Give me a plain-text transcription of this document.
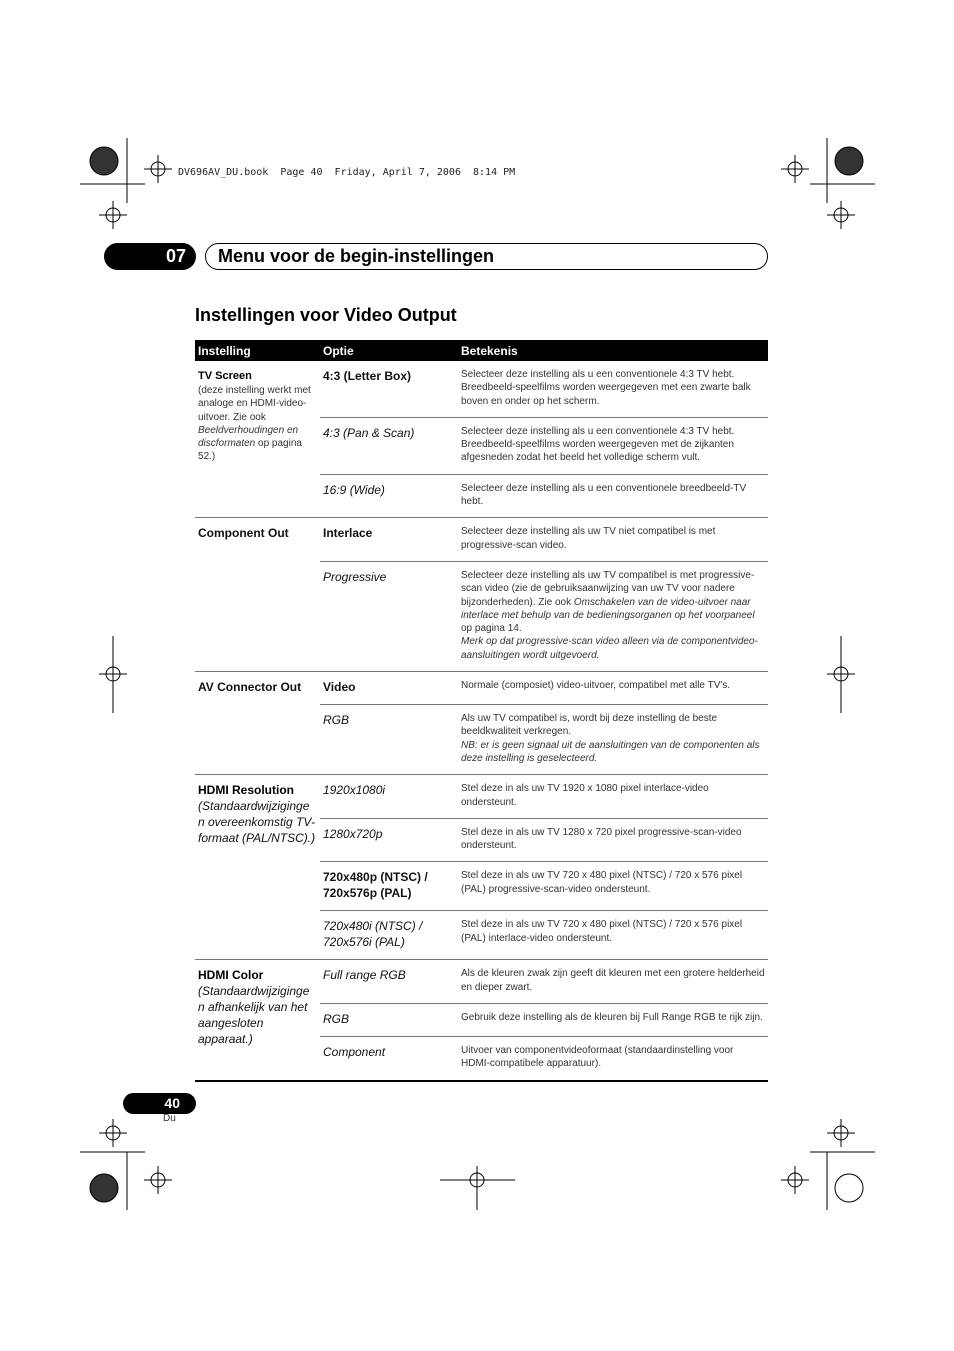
DV696AV_DU.book  Page 40  Friday, April 7, 2006  8:14 PM
07	Menu voor de begin-instellingen
Instellingen voor Video Output
Instelling	Optie	Betekenis

TV Screen
(deze instelling werkt met analoge en HDMI-video-uitvoer. Zie ook Beeldverhoudingen en discformaten op pagina 52.)	4:3 (Letter Box)	Selecteer deze instelling als u een conventionele 4:3 TV hebt. Breedbeeld-speelfilms worden weergegeven met een zwarte balk boven en onder op het scherm.
	4:3 (Pan & Scan)	Selecteer deze instelling als u een conventionele 4:3 TV hebt. Breedbeeld-speelfilms worden weergegeven met de zijkanten afgesneden zodat het beeld het volledige scherm vult.
	16:9 (Wide)	Selecteer deze instelling als u een conventionele breedbeeld-TV hebt.
Component Out	Interlace	Selecteer deze instelling als uw TV niet compatibel is met progressive-scan video.
	Progressive	Selecteer deze instelling als uw TV compatibel is met progressive-scan video (zie de gebruiksaanwijzing van uw TV voor nadere bijzonderheden). Zie ook Omschakelen van de video-uitvoer naar interlace met behulp van de bedieningsorganen op het voorpaneel op pagina 14.
Merk op dat progressive-scan video alleen via de componentvideo-aansluitingen wordt uitgevoerd.

AV Connector Out	Video	Normale (composiet) video-uitvoer, compatibel met alle TV's.
	RGB	Als uw TV compatibel is, wordt bij deze instelling de beste beeldkwaliteit verkregen.
NB: er is geen signaal uit de aansluitingen van de componenten als deze instelling is geselecteerd.

HDMI Resolution
(Standaardwijziginge n overeenkomstig TV-formaat (PAL/NTSC).)	1920x1080i	Stel deze in als uw TV 1920 x 1080 pixel interlace-video ondersteunt.
	1280x720p	Stel deze in als uw TV 1280 x 720 pixel progressive-scan-video ondersteunt.
	720x480p (NTSC) / 720x576p (PAL)	Stel deze in als uw TV 720 x 480 pixel (NTSC) / 720 x 576 pixel (PAL) progressive-scan-video ondersteunt.
	720x480i (NTSC) / 720x576i (PAL)	Stel deze in als uw TV 720 x 480 pixel (NTSC) / 720 x 576 pixel (PAL) interlace-video ondersteunt.

HDMI Color
(Standaardwijziginge n afhankelijk van het aangesloten apparaat.)	Full range RGB	Als de kleuren zwak zijn geeft dit kleuren met een grotere helderheid en dieper zwart.
	RGB	Gebruik deze instelling als de kleuren bij Full Range RGB te rijk zijn.
	Component	Uitvoer van componentvideoformaat (standaardinstelling voor HDMI-compatibele apparatuur).
40
Du
